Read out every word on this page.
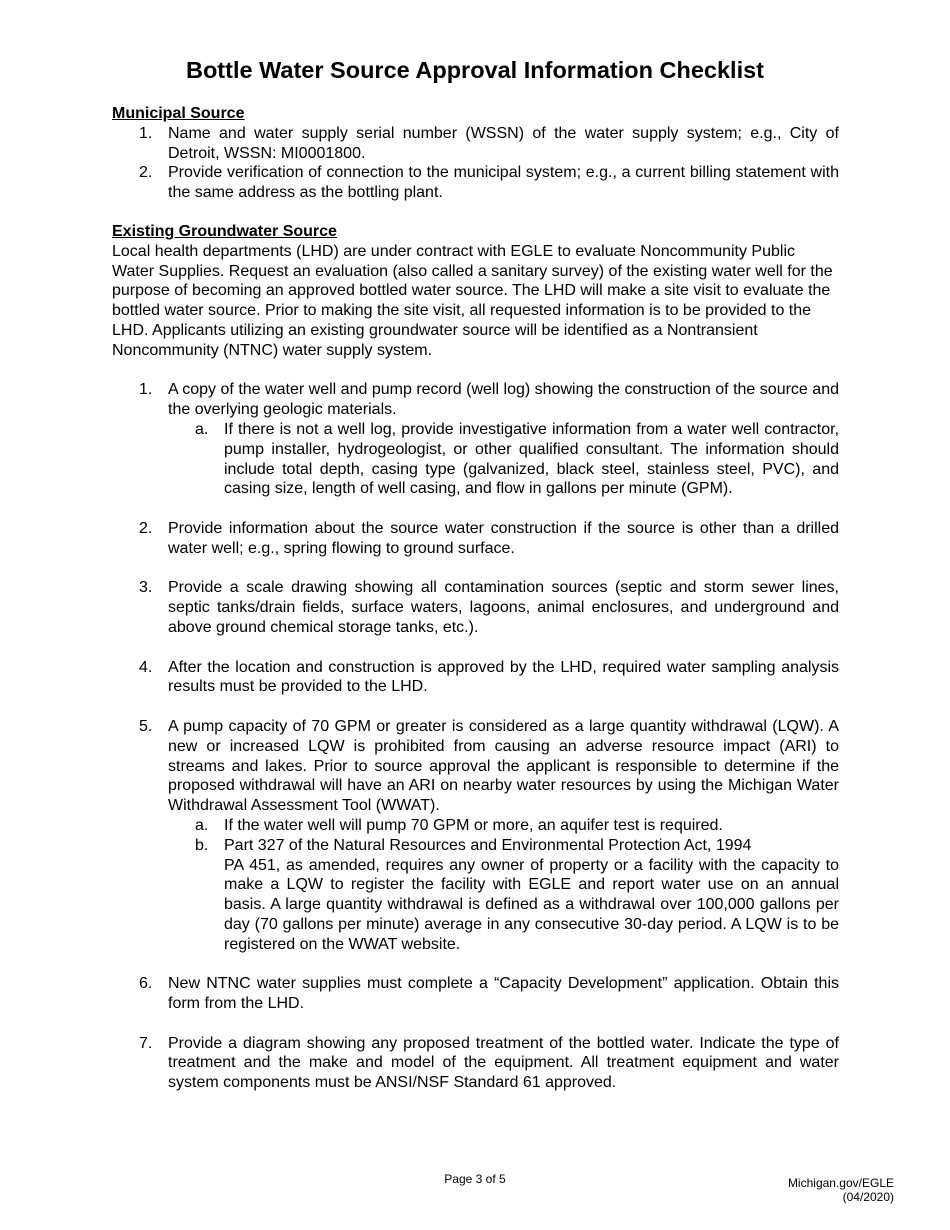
Bottle Water Source Approval Information Checklist
Municipal Source
1. Name and water supply serial number (WSSN) of the water supply system; e.g., City of Detroit, WSSN: MI0001800.
2. Provide verification of connection to the municipal system; e.g., a current billing statement with the same address as the bottling plant.
Existing Groundwater Source

Local health departments (LHD) are under contract with EGLE to evaluate Noncommunity Public Water Supplies. Request an evaluation (also called a sanitary survey) of the existing water well for the purpose of becoming an approved bottled water source. The LHD will make a site visit to evaluate the bottled water source. Prior to making the site visit, all requested information is to be provided to the LHD. Applicants utilizing an existing groundwater source will be identified as a Nontransient Noncommunity (NTNC) water supply system.

1. A copy of the water well and pump record (well log) showing the construction of the source and the overlying geologic materials.
a. If there is not a well log, provide investigative information from a water well contractor, pump installer, hydrogeologist, or other qualified consultant. The information should include total depth, casing type (galvanized, black steel, stainless steel, PVC), and casing size, length of well casing, and flow in gallons per minute (GPM).
2. Provide information about the source water construction if the source is other than a drilled water well; e.g., spring flowing to ground surface.
3. Provide a scale drawing showing all contamination sources (septic and storm sewer lines, septic tanks/drain fields, surface waters, lagoons, animal enclosures, and underground and above ground chemical storage tanks, etc.).
4. After the location and construction is approved by the LHD, required water sampling analysis results must be provided to the LHD.
5. A pump capacity of 70 GPM or greater is considered as a large quantity withdrawal (LQW). A new or increased LQW is prohibited from causing an adverse resource impact (ARI) to streams and lakes. Prior to source approval the applicant is responsible to determine if the proposed withdrawal will have an ARI on nearby water resources by using the Michigan Water Withdrawal Assessment Tool (WWAT).
a. If the water well will pump 70 GPM or more, an aquifer test is required.
b. Part 327 of the Natural Resources and Environmental Protection Act, 1994
PA 451, as amended, requires any owner of property or a facility with the capacity to make a LQW to register the facility with EGLE and report water use on an annual basis. A large quantity withdrawal is defined as a withdrawal over 100,000 gallons per day (70 gallons per minute) average in any consecutive 30-day period. A LQW is to be registered on the WWAT website.
6. New NTNC water supplies must complete a “Capacity Development” application. Obtain this form from the LHD.
7. Provide a diagram showing any proposed treatment of the bottled water. Indicate the type of treatment and the make and model of the equipment. All treatment equipment and water system components must be ANSI/NSF Standard 61 approved.
Page 3 of 5	Michigan.gov/EGLE
(04/2020)
